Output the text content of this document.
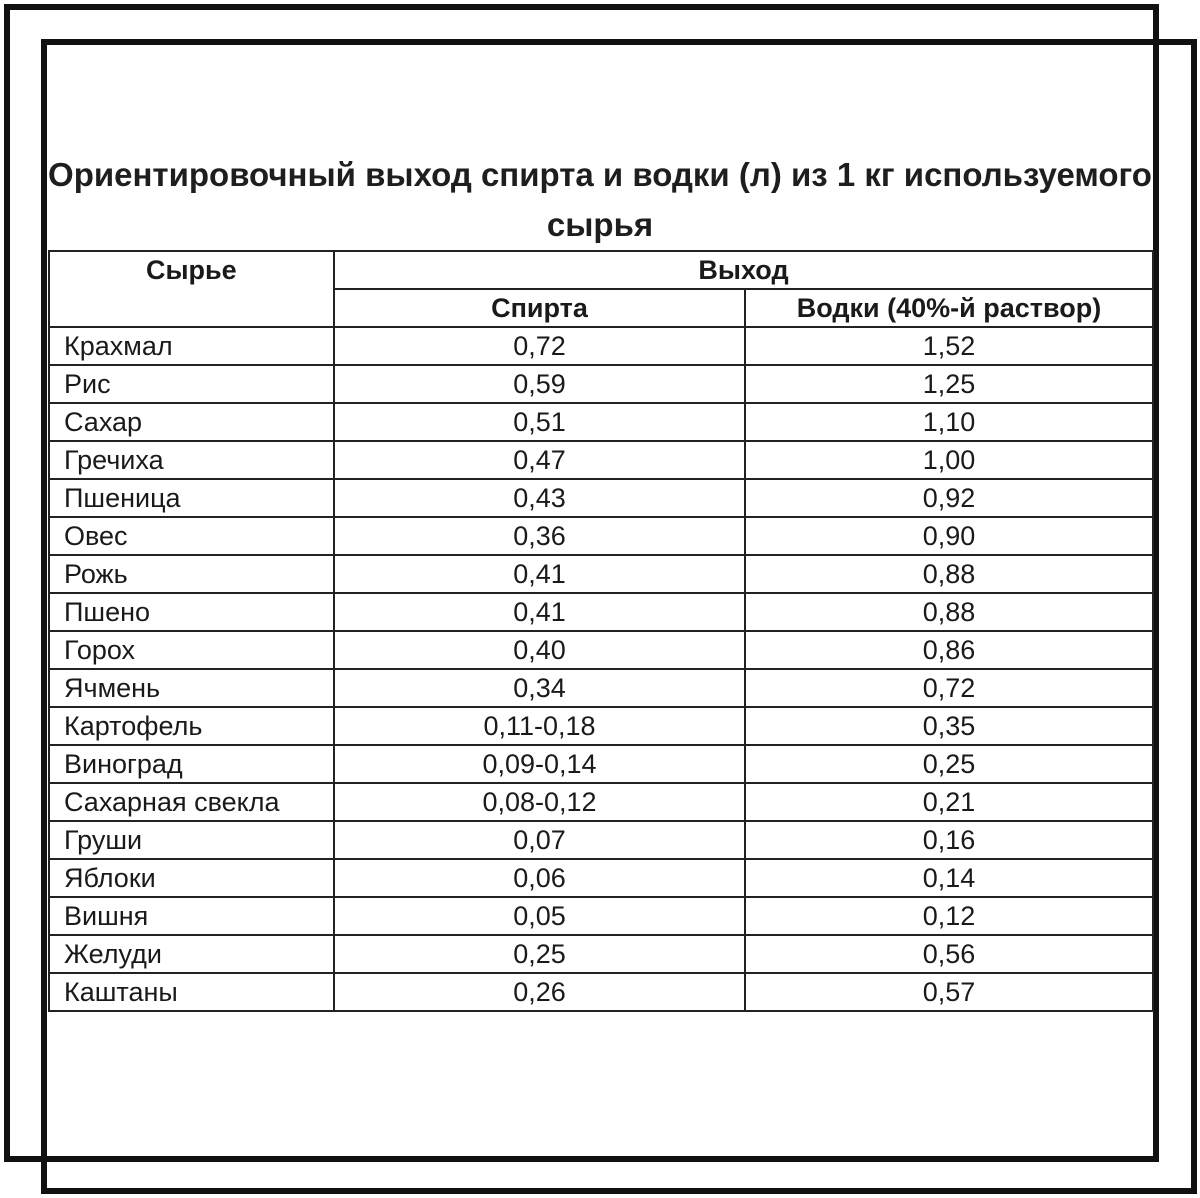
Ориентировочный выход спирта и водки (л) из 1 кг используемого сырья
Сырье	Выход	
	Спирта	Водки (40%-й раствор)
Крахмал	0,72	1,52
Рис	0,59	1,25
Сахар	0,51	1,10
Гречиха	0,47	1,00
Пшеница	0,43	0,92
Овес	0,36	0,90
Рожь	0,41	0,88
Пшено	0,41	0,88
Горох	0,40	0,86
Ячмень	0,34	0,72
Картофель	0,11-0,18	0,35
Виноград	0,09-0,14	0,25
Сахарная свекла	0,08-0,12	0,21
Груши	0,07	0,16
Яблоки	0,06	0,14
Вишня	0,05	0,12
Желуди	0,25	0,56
Каштаны	0,26	0,57
